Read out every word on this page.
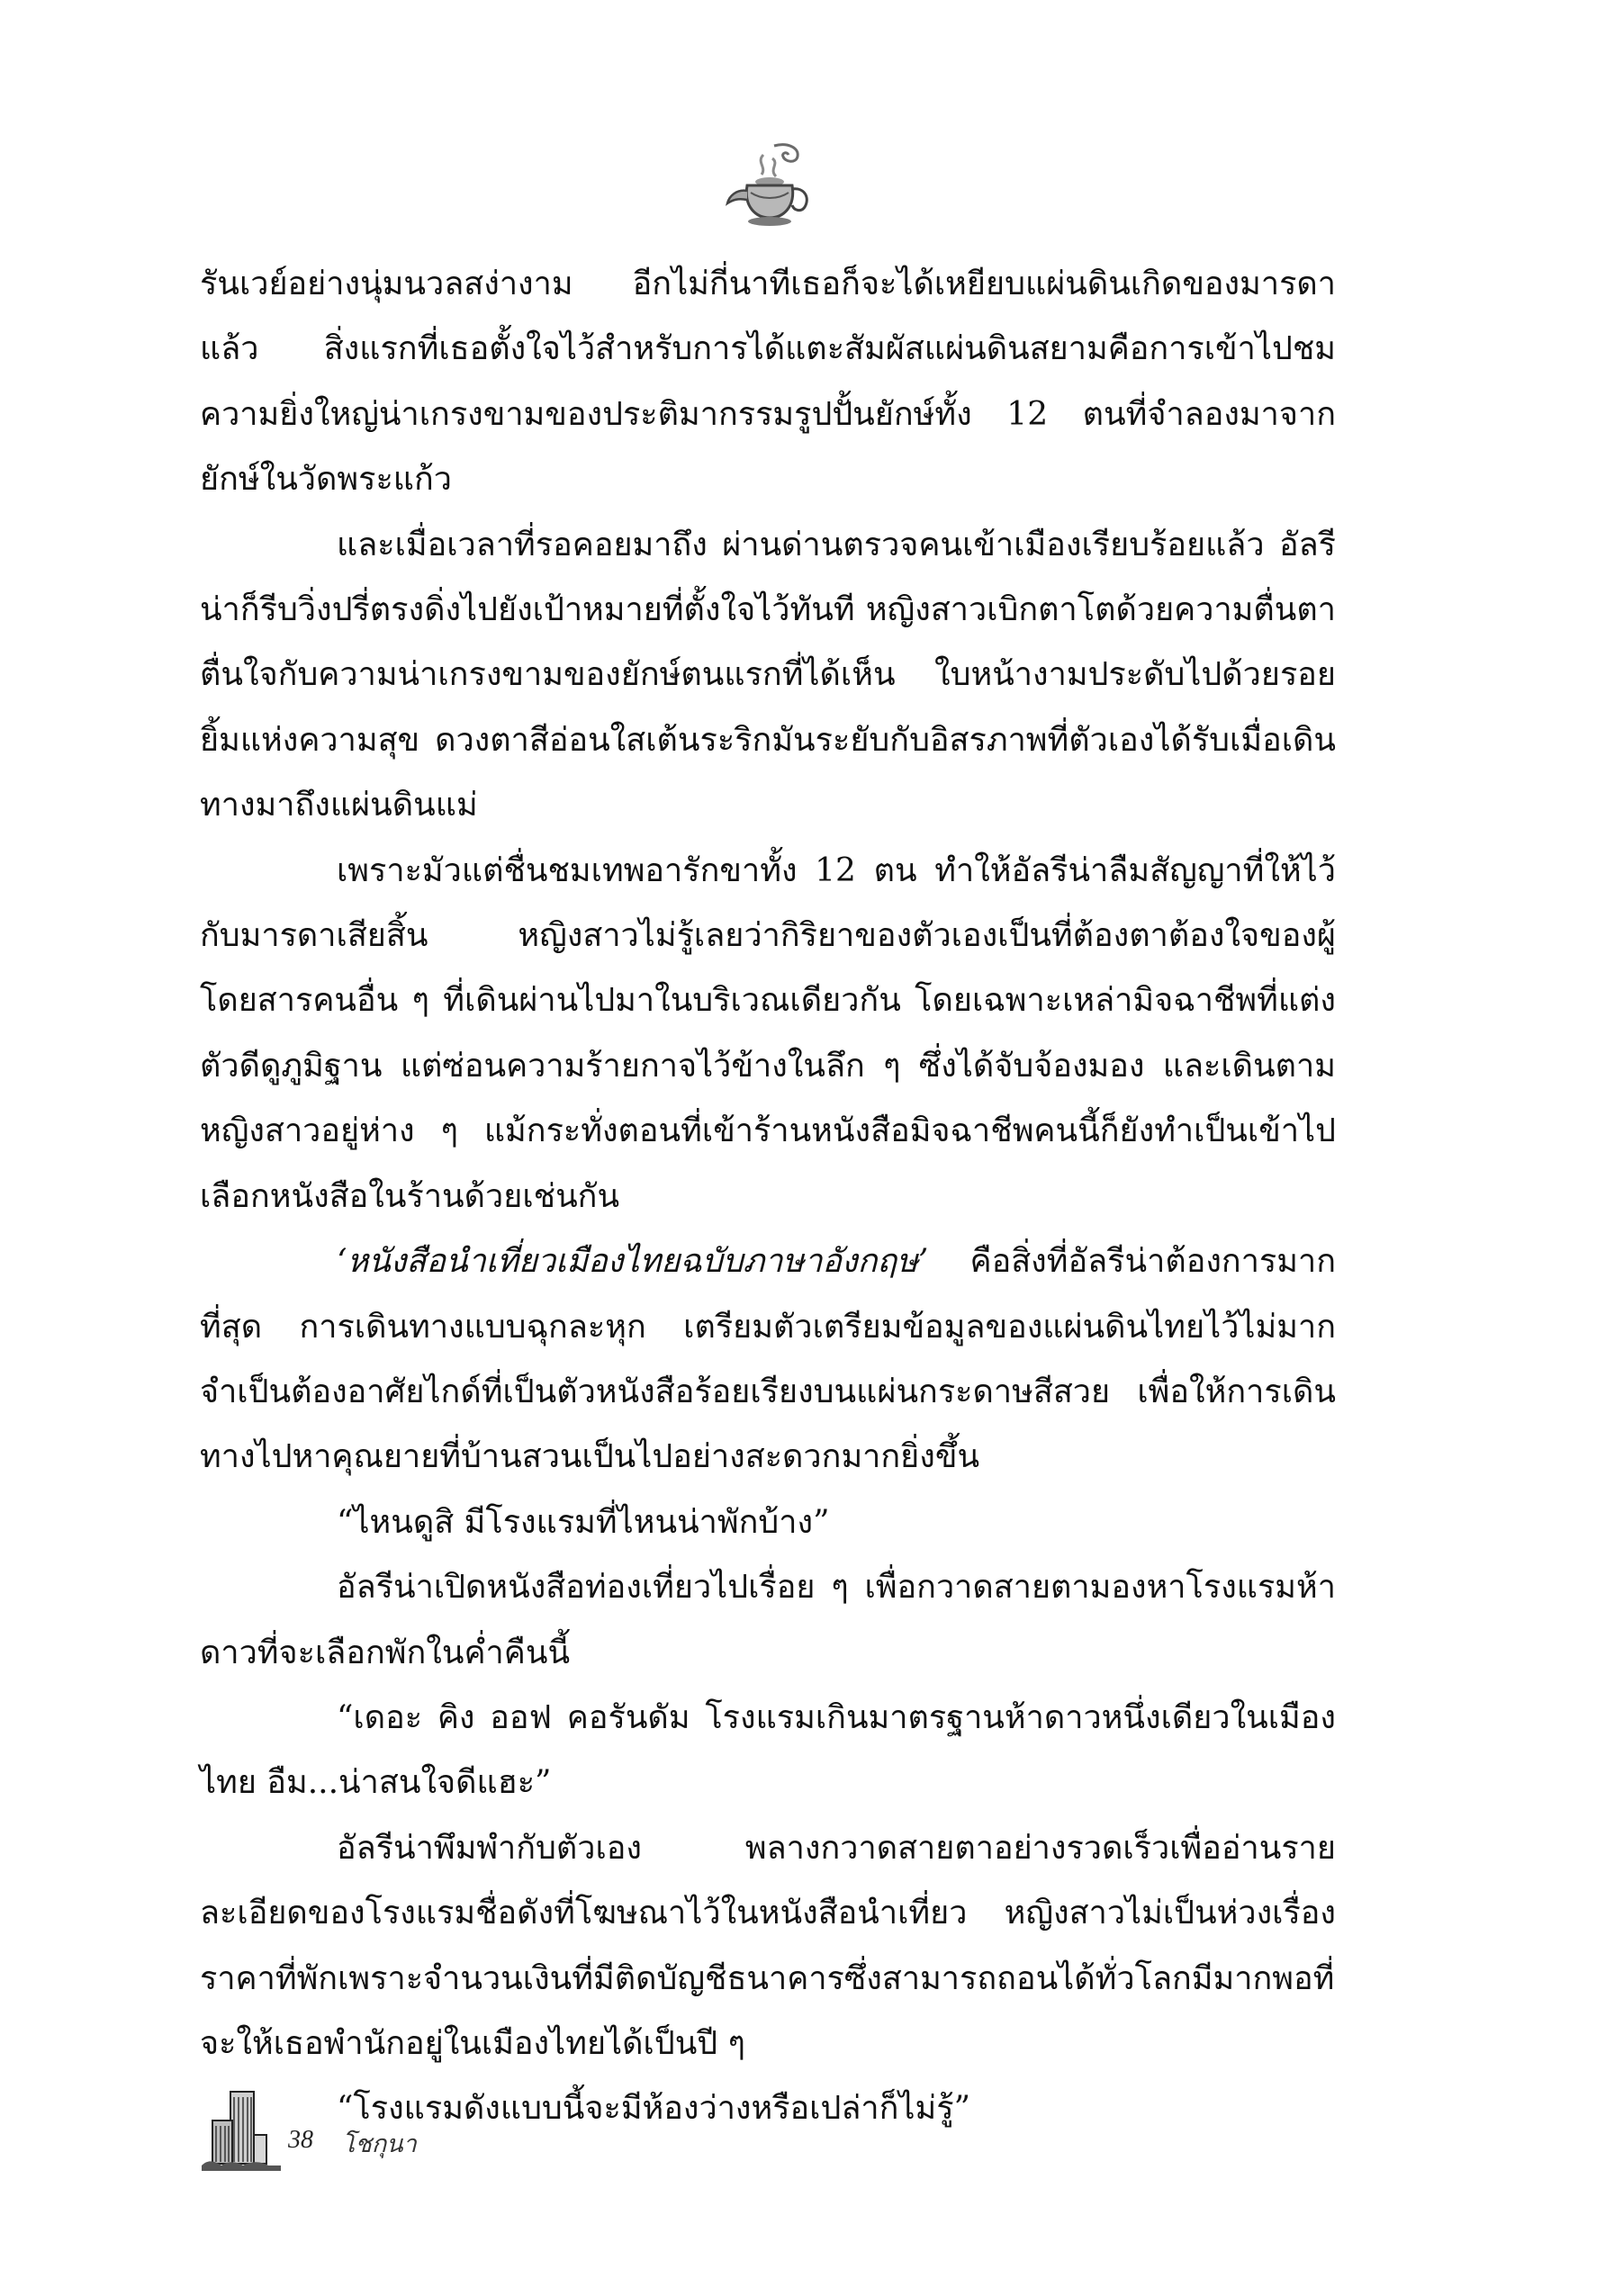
รันเวย์อย่างนุ่มนวลสง่างาม อีกไม่กี่นาทีเธอก็จะได้เหยียบแผ่นดินเกิดของมารดาแล้ว สิ่งแรกที่เธอตั้งใจไว้สำหรับการได้แตะสัมผัสแผ่นดินสยามคือการเข้าไปชมความยิ่งใหญ่น่าเกรงขามของประติมากรรมรูปปั้นยักษ์ทั้ง 12 ตนที่จำลองมาจากยักษ์ในวัดพระแก้ว

และเมื่อเวลาที่รอคอยมาถึง ผ่านด่านตรวจคนเข้าเมืองเรียบร้อยแล้ว อัลรีน่าก็รีบวิ่งปรี่ตรงดิ่งไปยังเป้าหมายที่ตั้งใจไว้ทันที หญิงสาวเบิกตาโตด้วยความตื่นตาตื่นใจกับความน่าเกรงขามของยักษ์ตนแรกที่ได้เห็น ใบหน้างามประดับไปด้วยรอยยิ้มแห่งความสุข ดวงตาสีอ่อนใสเต้นระริกมันระยับกับอิสรภาพที่ตัวเองได้รับเมื่อเดินทางมาถึงแผ่นดินแม่

เพราะมัวแต่ชื่นชมเทพอารักขาทั้ง 12 ตน ทำให้อัลรีน่าลืมสัญญาที่ให้ไว้กับมารดาเสียสิ้น หญิงสาวไม่รู้เลยว่ากิริยาของตัวเองเป็นที่ต้องตาต้องใจของผู้โดยสารคนอื่น ๆ ที่เดินผ่านไปมาในบริเวณเดียวกัน โดยเฉพาะเหล่ามิจฉาชีพที่แต่งตัวดีดูภูมิฐาน แต่ซ่อนความร้ายกาจไว้ข้างในลึก ๆ ซึ่งได้จับจ้องมอง และเดินตามหญิงสาวอยู่ห่าง ๆ แม้กระทั่งตอนที่เข้าร้านหนังสือมิจฉาชีพคนนี้ก็ยังทำเป็นเข้าไปเลือกหนังสือในร้านด้วยเช่นกัน

‘หนังสือนำเที่ยวเมืองไทยฉบับภาษาอังกฤษ’ คือสิ่งที่อัลรีน่าต้องการมากที่สุด การเดินทางแบบฉุกละหุก เตรียมตัวเตรียมข้อมูลของแผ่นดินไทยไว้ไม่มาก จำเป็นต้องอาศัยไกด์ที่เป็นตัวหนังสือร้อยเรียงบนแผ่นกระดาษสีสวย เพื่อให้การเดินทางไปหาคุณยายที่บ้านสวนเป็นไปอย่างสะดวกมากยิ่งขึ้น

“ไหนดูสิ มีโรงแรมที่ไหนน่าพักบ้าง”

อัลรีน่าเปิดหนังสือท่องเที่ยวไปเรื่อย ๆ เพื่อกวาดสายตามองหาโรงแรมห้าดาวที่จะเลือกพักในค่ำคืนนี้

“เดอะ คิง ออฟ คอรันดัม โรงแรมเกินมาตรฐานห้าดาวหนึ่งเดียวในเมืองไทย อืม...น่าสนใจดีแฮะ”

อัลรีน่าพึมพำกับตัวเอง พลางกวาดสายตาอย่างรวดเร็วเพื่ออ่านรายละเอียดของโรงแรมชื่อดังที่โฆษณาไว้ในหนังสือนำเที่ยว หญิงสาวไม่เป็นห่วงเรื่องราคาที่พักเพราะจำนวนเงินที่มีติดบัญชีธนาคารซึ่งสามารถถอนได้ทั่วโลกมีมากพอที่จะให้เธอพำนักอยู่ในเมืองไทยได้เป็นปี ๆ

“โรงแรมดังแบบนี้จะมีห้องว่างหรือเปล่าก็ไม่รู้”

38 โชกุนา
